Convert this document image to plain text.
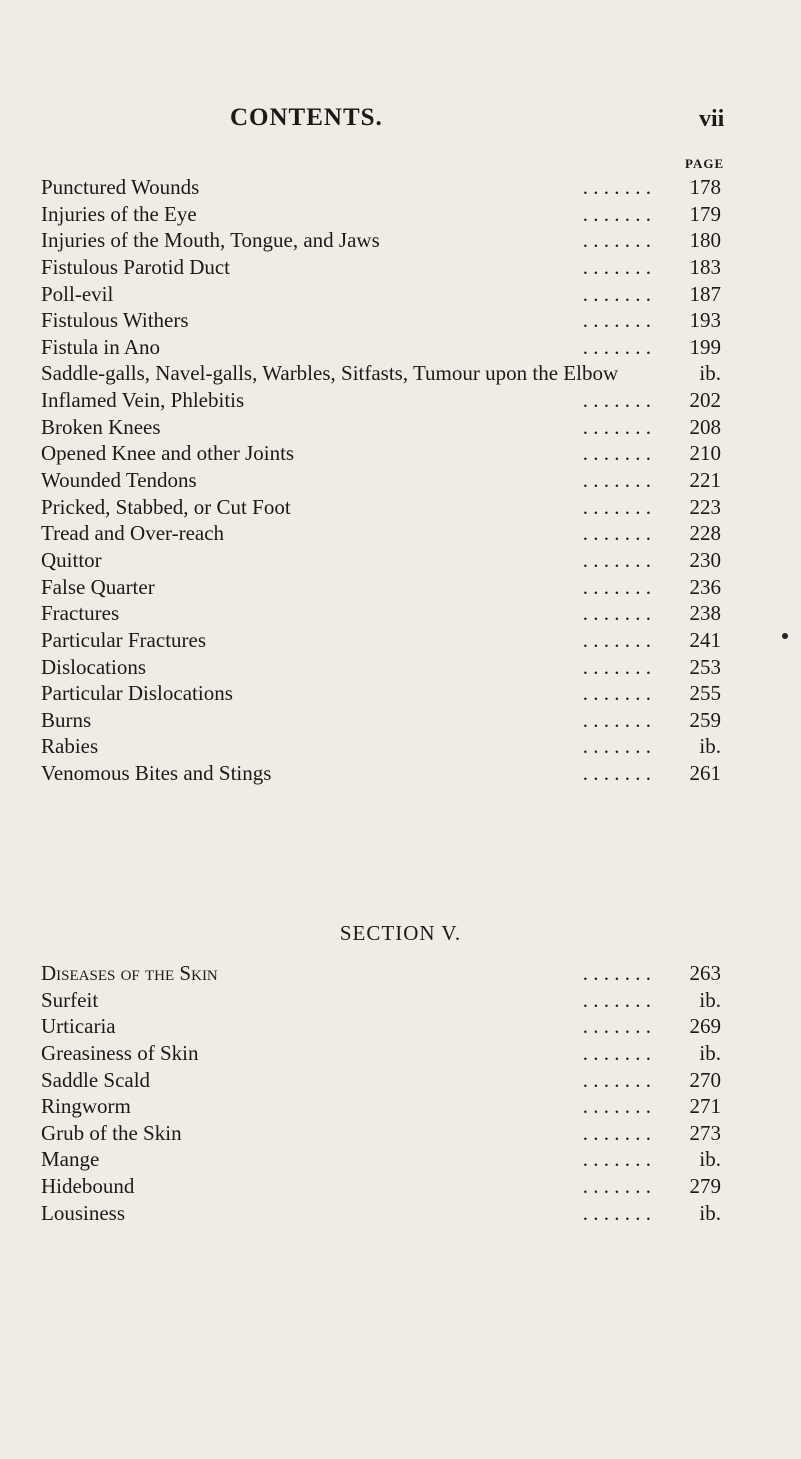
CONTENTS.	vii
PAGE
. . . . . . .
Punctured Wounds	178
. . . . . . .
Injuries of the Eye	179
. . . . . . .
Injuries of the Mouth, Tongue, and Jaws	180
. . . . . . .
Fistulous Parotid Duct	183
. . . . . . .
Poll-evil	187
. . . . . . .
Fistulous Withers	193
. . . . . . .
Fistula in Ano	199
Saddle-galls, Navel-galls, Warbles, Sitfasts, Tumour upon the Elbow	ib.
. . . . . . .
Inflamed Vein, Phlebitis	202
. . . . . . .
Broken Knees	208
. . . . . . .
Opened Knee and other Joints	210
. . . . . . .
Wounded Tendons	221
. . . . . . .
Pricked, Stabbed, or Cut Foot	223
. . . . . . .
Tread and Over-reach	228
. . . . . . .
Quittor	230
. . . . . . .
False Quarter	236
. . . . . . .
Fractures	238
. . . . . . .
Particular Fractures	241
. . . . . . .
Dislocations	253
. . . . . . .
Particular Dislocations	255
. . . . . . .
Burns	259
. . . . . . .
Rabies	ib.
. . . . . . .
Venomous Bites and Stings	261
SECTION V.
. . . . . . .
Diseases of the Skin	263
. . . . . . .
Surfeit	ib.
. . . . . . .
Urticaria	269
. . . . . . .
Greasiness of Skin	ib.
. . . . . . .
Saddle Scald	270
. . . . . . .
Ringworm	271
. . . . . . .
Grub of the Skin	273
. . . . . . .
Mange	ib.
. . . . . . .
Hidebound	279
. . . . . . .
Lousiness	ib.
